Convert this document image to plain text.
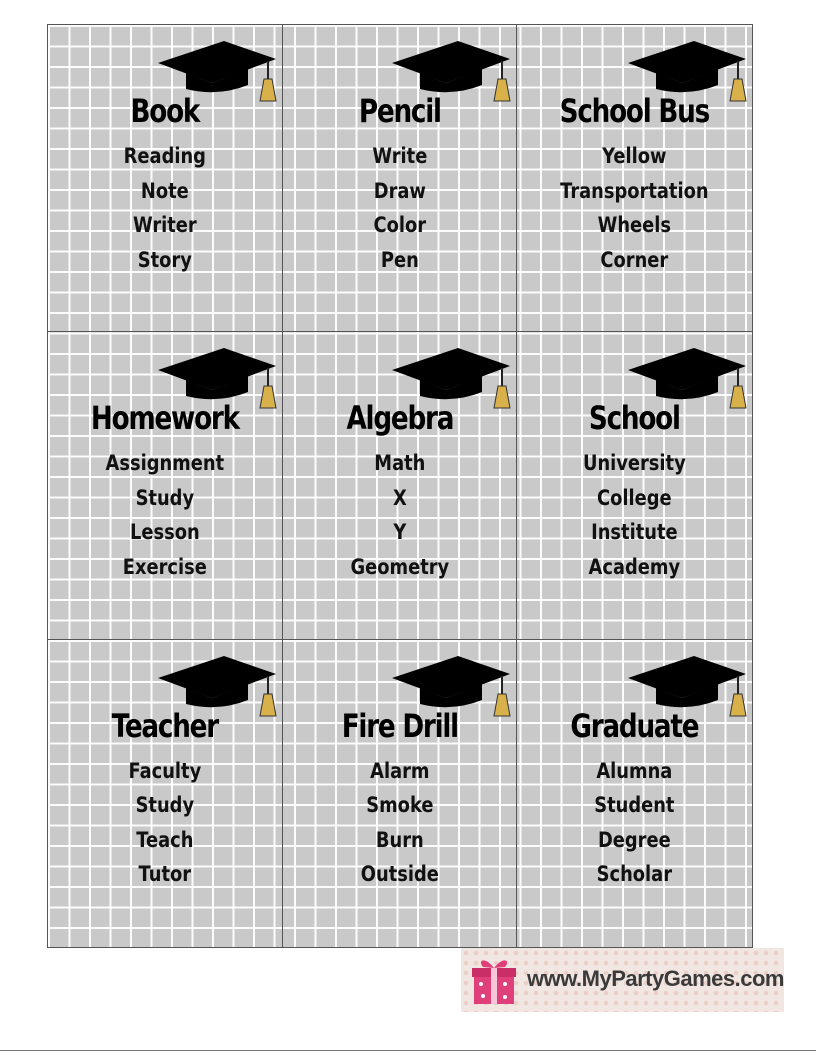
Book
Reading
Note
Writer
Story
Pencil
Write
Draw
Color
Pen
School Bus
Yellow
Transportation
Wheels
Corner
Homework
Assignment
Study
Lesson
Exercise
Algebra
Math
X
Y
Geometry
School
University
College
Institute
Academy
Teacher
Faculty
Study
Teach
Tutor
Fire Drill
Alarm
Smoke
Burn
Outside
Graduate
Alumna
Student
Degree
Scholar
www.MyPartyGames.com
